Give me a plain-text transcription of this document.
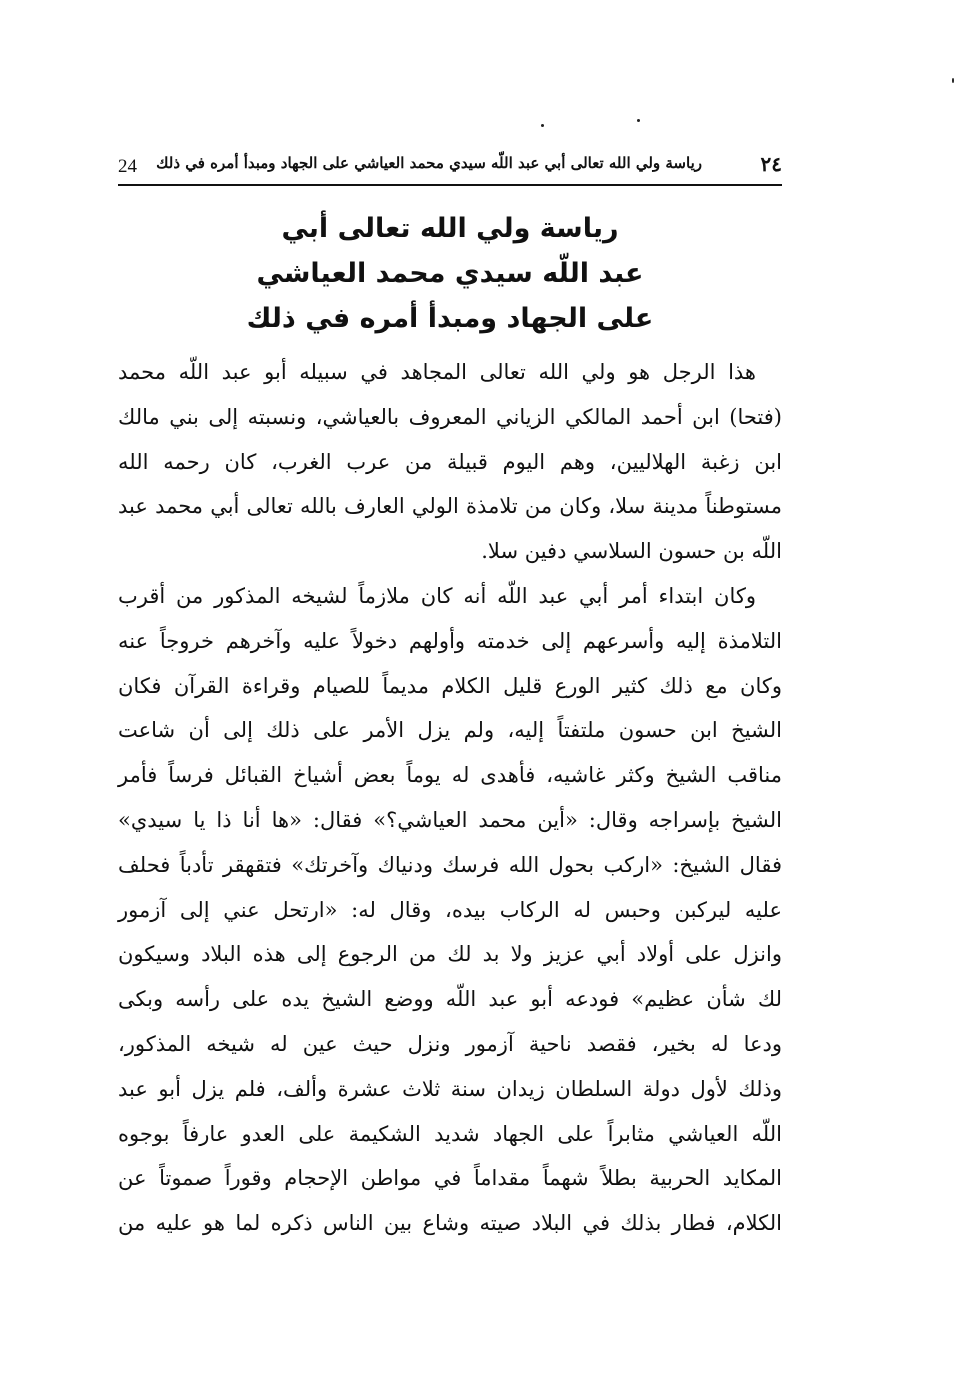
24 رياسة ولي الله تعالى أبي عبد اللّه سيدي محمد العياشي على الجهاد ومبدأ أمره في ذلك	٢٤
رياسة ولي الله تعالى أبي
عبد اللّه سيدي محمد العياشي
على الجهاد ومبدأ أمره في ذلك
هذا الرجل هو ولي الله تعالى المجاهد في سبيله أبو عبد اللّه محمد
(فتحا) ابن أحمد المالكي الزياني المعروف بالعياشي، ونسبته إلى بني مالك
ابن زغبة الهلاليين، وهم اليوم قبيلة من عرب الغرب، كان رحمه الله
مستوطناً مدينة سلا، وكان من تلامذة الولي العارف بالله تعالى أبي محمد عبد
اللّه بن حسون السلاسي دفين سلا.
وكان ابتداء أمر أبي عبد اللّه أنه كان ملازماً لشيخه المذكور من أقرب
التلامذة إليه وأسرعهم إلى خدمته وأولهم دخولاً عليه وآخرهم خروجاً عنه
وكان مع ذلك كثير الورع قليل الكلام مديماً للصيام وقراءة القرآن فكان
الشيخ ابن حسون ملتفتاً إليه، ولم يزل الأمر على ذلك إلى أن شاعت
مناقب الشيخ وكثر غاشيه، فأهدى له يوماً بعض أشياخ القبائل فرساً فأمر
الشيخ بإسراجه وقال: «أين محمد العياشي؟» فقال: «ها أنا ذا يا سيدي»
فقال الشيخ: «اركب بحول الله فرسك ودنياك وآخرتك» فتقهقر تأدباً فحلف
عليه ليركبن وحبس له الركاب بيده، وقال له: «ارتحل عني إلى آزمور
وانزل على أولاد أبي عزيز ولا بد لك من الرجوع إلى هذه البلاد وسيكون
لك شأن عظيم» فودعه أبو عبد اللّه ووضع الشيخ يده على رأسه وبكى
ودعا له بخير، فقصد ناحية آزمور ونزل حيث عين له شيخه المذكور،
وذلك لأول دولة السلطان زيدان سنة ثلاث عشرة وألف، فلم يزل أبو عبد
اللّه العياشي مثابراً على الجهاد شديد الشكيمة على العدو عارفاً بوجوه
المكايد الحربية بطلاً شهماً مقداماً في مواطن الإحجام وقوراً صموتاً عن
الكلام، فطار بذلك في البلاد صيته وشاع بين الناس ذكره لما هو عليه من
